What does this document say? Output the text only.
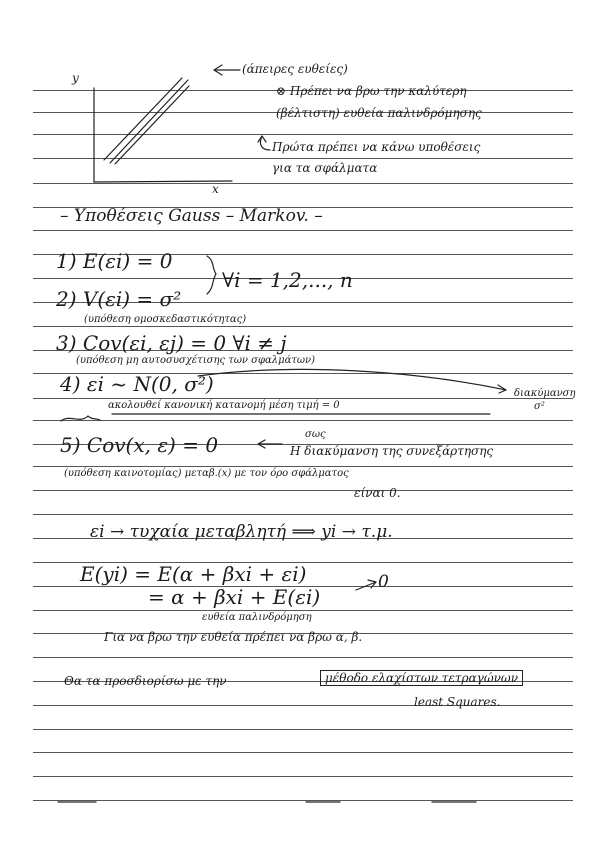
y
x
(άπειρες ευθείες)
⊗ Πρέπει να βρω την καλύτερη
(βέλτιστη) ευθεία παλινδρόμησης
Πρώτα πρέπει να κάνω υποθέσεις
για τα σφάλματα
– Υποθέσεις Gauss – Markov. –
1) E(εi) = 0
∀i = 1,2,..., n
2) V(εi) = σ²
(υπόθεση ομοσκεδαστικότητας)
3) Cov(εi, εj) = 0 ∀i ≠ j
(υπόθεση μη αυτοσυσχέτισης των σφαλμάτων)
4) εi ~ N(0, σ²)
ακολουθεί κανονική κατανομή μέση τιμή = 0
διακύμανση
σ²
σως
5) Cov(x, ε) = 0	Η διακύμανση της συνεξάρτησης
(υπόθεση καινοτομίας) μεταβ.(x) με τον όρο σφάλματος
είναι 0.
εi → τυχαία μεταβλητή ⟹ yi → τ.μ.
E(yi) = E(α + βxi + εi)	0
= α + βxi + E(εi)
ευθεία παλινδρόμηση
Για να βρω την ευθεία πρέπει να βρω α, β.
Θα τα προσδιορίσω με την	μέθοδο ελαχίστων τετραγώνων
least Squares.
